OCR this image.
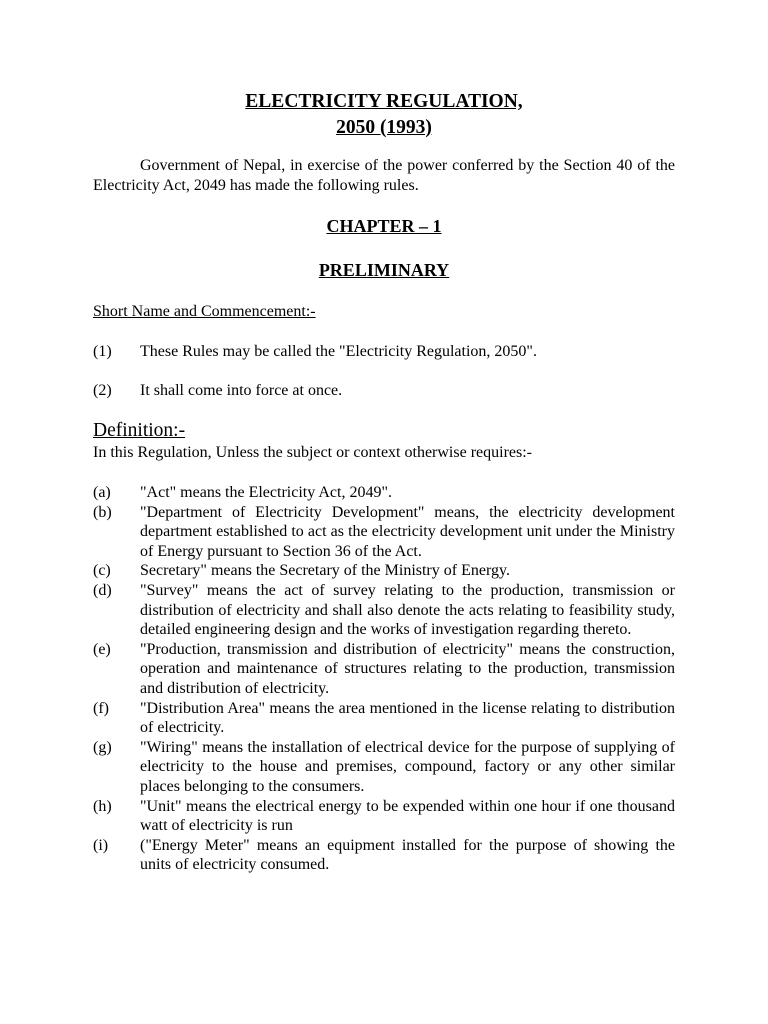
ELECTRICITY REGULATION,
2050 (1993)
Government of Nepal, in exercise of the power conferred by the Section 40 of the Electricity Act, 2049 has made the following rules.
CHAPTER – 1
PRELIMINARY
Short Name and Commencement:-
(1) These Rules may be called the "Electricity Regulation, 2050".
(2) It shall come into force at once.
Definition:-
In this Regulation, Unless the subject or context otherwise requires:-
(a) "Act" means the Electricity Act, 2049".
(b) "Department of Electricity Development" means, the electricity development department established to act as the electricity development unit under the Ministry of Energy pursuant to Section 36 of the Act.
(c) Secretary" means the Secretary of the Ministry of Energy.
(d) "Survey" means the act of survey relating to the production, transmission or distribution of electricity and shall also denote the acts relating to feasibility study, detailed engineering design and the works of investigation regarding thereto.
(e) "Production, transmission and distribution of electricity" means the construction, operation and maintenance of structures relating to the production, transmission and distribution of electricity.
(f) "Distribution Area" means the area mentioned in the license relating to distribution of electricity.
(g) "Wiring" means the installation of electrical device for the purpose of supplying of electricity to the house and premises, compound, factory or any other similar places belonging to the consumers.
(h) "Unit" means the electrical energy to be expended within one hour if one thousand watt of electricity is run
(i) ("Energy Meter" means an equipment installed for the purpose of showing the units of electricity consumed.
